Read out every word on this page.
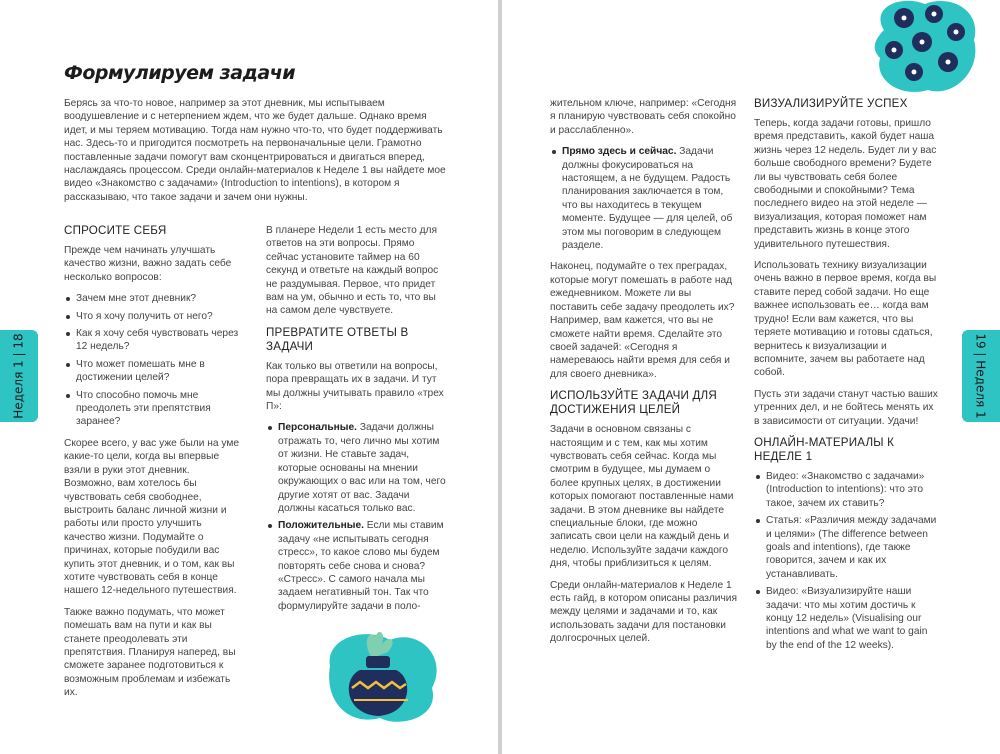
Формулируем задачи

Берясь за что-то новое, например за этот дневник, мы испытываем воодушевление и с нетерпением ждем, что же будет дальше. Однако время идет, и мы теряем мотивацию. Тогда нам нужно что-то, что будет поддерживать нас. Здесь-то и пригодится посмотреть на первоначальные цели. Грамотно поставленные задачи помогут вам сконцентрироваться и двигаться вперед, наслаждаясь процессом. Среди онлайн-материалов к Неделе 1 вы найдете мое видео «Знакомство с задачами» (Introduction to intentions), в котором я рассказываю, что такое задачи и зачем они нужны.

СПРОСИТЕ СЕБЯ

Прежде чем начинать улучшать качество жизни, важно задать себе несколько вопросов:

Зачем мне этот дневник?
Что я хочу получить от него?
Как я хочу себя чувствовать через 12 недель?
Что может помешать мне в достижении целей?
Что способно помочь мне преодолеть эти препятствия заранее?

Скорее всего, у вас уже были на уме какие-то цели, когда вы впервые взяли в руки этот дневник. Возможно, вам хотелось бы чувствовать себя свободнее, выстроить баланс личной жизни и работы или просто улучшить качество жизни. Подумайте о причинах, которые побудили вас купить этот дневник, и о том, как вы хотите чувствовать себя в конце нашего 12-недельного путешествия.

Также важно подумать, что может помешать вам на пути и как вы станете преодолевать эти препятствия. Планируя наперед, вы сможете заранее подготовиться к возможным проблемам и избежать их.

В планере Недели 1 есть место для ответов на эти вопросы. Прямо сейчас установите таймер на 60 секунд и ответьте на каждый вопрос не раздумывая. Первое, что придет вам на ум, обычно и есть то, что вы на самом деле чувствуете.

ПРЕВРАТИТЕ ОТВЕТЫ В ЗАДАЧИ

Как только вы ответили на вопросы, пора превращать их в задачи. И тут мы должны учитывать правило «трех П»:

Персональные. Задачи должны отражать то, чего лично мы хотим от жизни. Не ставьте задач, которые основаны на мнении окружающих о вас или на том, чего другие хотят от вас. Задачи должны касаться только вас.
Положительные. Если мы ставим задачу «не испытывать сегодня стресс», то какое слово мы будем повторять себе снова и снова? «Стресс». С самого начала мы задаем негативный тон. Так что формулируйте задачи в поло-
Неделя 1 | 18

жительном ключе, например: «Сегодня я планирую чувствовать себя спокойно и расслабленно».

Прямо здесь и сейчас. Задачи должны фокусироваться на настоящем, а не будущем. Радость планирования заключается в том, что вы находитесь в текущем моменте. Будущее — для целей, об этом мы поговорим в следующем разделе.

Наконец, подумайте о тех преградах, которые могут помешать в работе над ежедневником. Можете ли вы поставить себе задачу преодолеть их? Например, вам кажется, что вы не сможете найти время. Сделайте это своей задачей: «Сегодня я намереваюсь найти время для себя и для своего дневника».

ИСПОЛЬЗУЙТЕ ЗАДАЧИ ДЛЯ ДОСТИЖЕНИЯ ЦЕЛЕЙ

Задачи в основном связаны с настоящим и с тем, как мы хотим чувствовать себя сейчас. Когда мы смотрим в будущее, мы думаем о более крупных целях, в достижении которых помогают поставленные нами задачи. В этом дневнике вы найдете специальные блоки, где можно записать свои цели на каждый день и неделю. Используйте задачи каждого дня, чтобы приблизиться к целям.

Среди онлайн-материалов к Неделе 1 есть гайд, в котором описаны различия между целями и задачами и то, как использовать задачи для постановки долгосрочных целей.

ВИЗУАЛИЗИРУЙТЕ УСПЕХ

Теперь, когда задачи готовы, пришло время представить, какой будет наша жизнь через 12 недель. Будет ли у вас больше свободного времени? Будете ли вы чувствовать себя более свободными и спокойными? Тема последнего видео на этой неделе — визуализация, которая поможет нам представить жизнь в конце этого удивительного путешествия.

Использовать технику визуализации очень важно в первое время, когда вы ставите перед собой задачи. Но еще важнее использовать ее… когда вам трудно! Если вам кажется, что вы теряете мотивацию и готовы сдаться, вернитесь к визуализации и вспомните, зачем вы работаете над собой.

Пусть эти задачи станут частью ваших утренних дел, и не бойтесь менять их в зависимости от ситуации. Удачи!

ОНЛАЙН-МАТЕРИАЛЫ К НЕДЕЛЕ 1
Видео: «Знакомство с задачами» (Introduction to intentions): что это такое, зачем их ставить?
Статья: «Различия между задачами и целями» (The difference between goals and intentions), где также говорится, зачем и как их устанавливать.
Видео: «Визуализируйте наши задачи: что мы хотим достичь к концу 12 недель» (Visualising our intentions and what we want to gain by the end of the 12 weeks).
19 | Неделя 1
